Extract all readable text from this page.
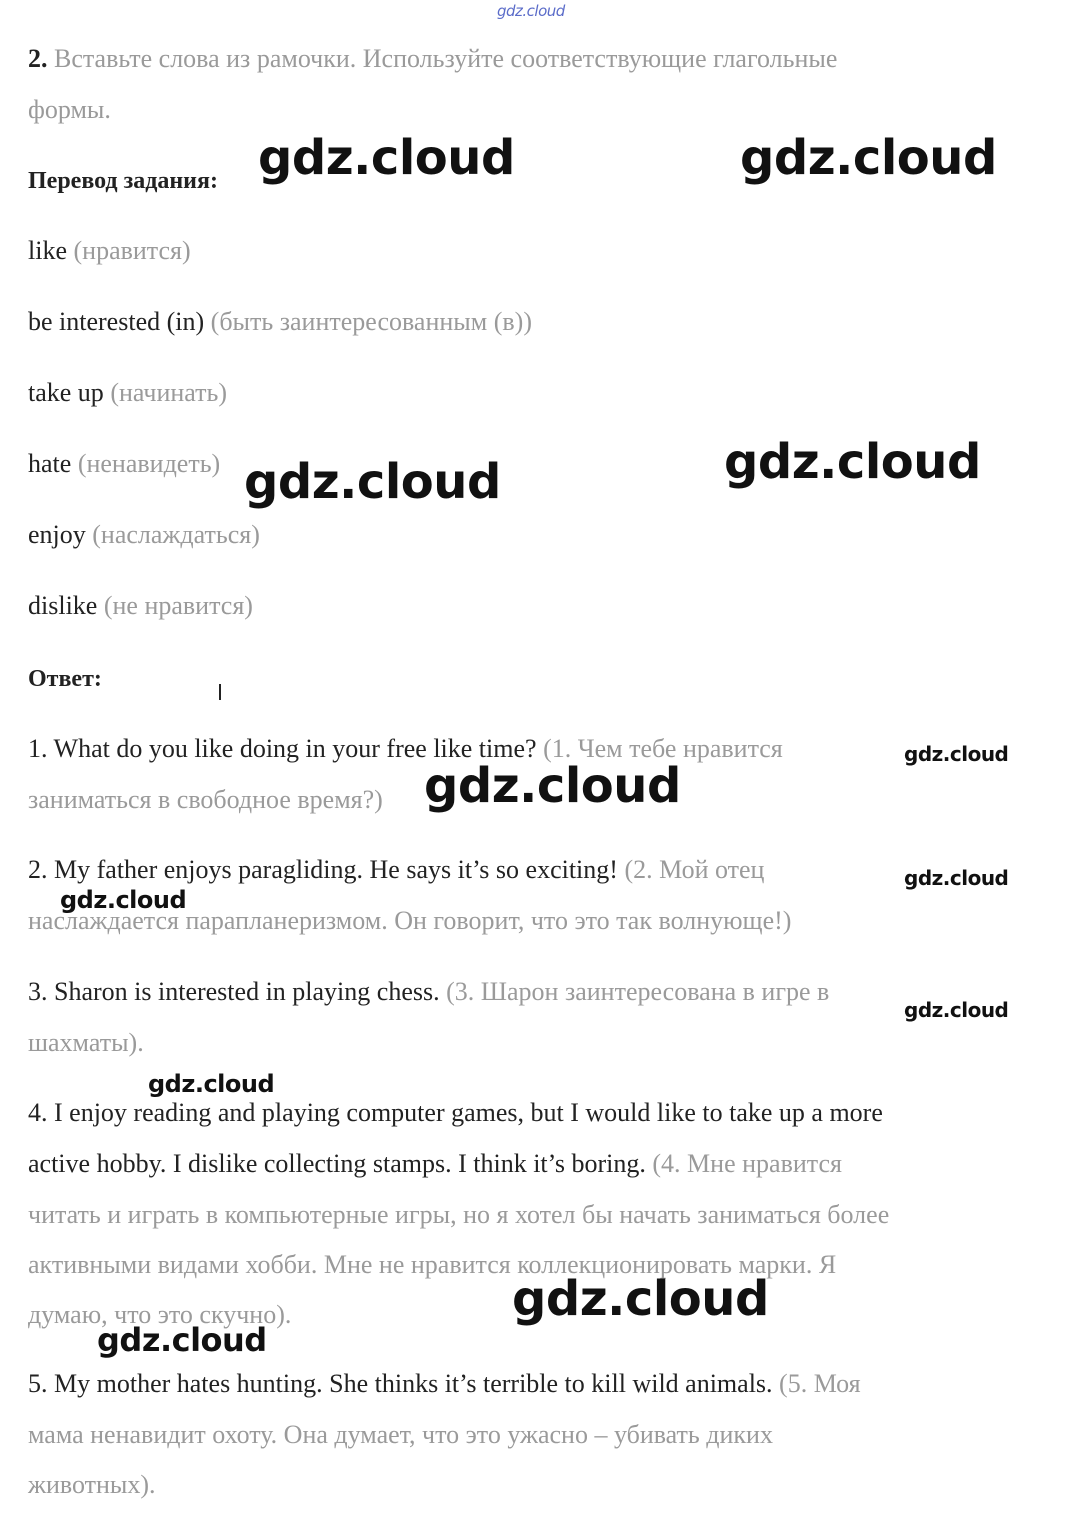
gdz.cloud
2. Вставьте слова из рамочки. Используйте соответствующие глагольные
формы.
Перевод задания:
like (нравится)
be interested (in) (быть заинтересованным (в))
take up (начинать)
hate (ненавидеть)
enjoy (наслаждаться)
dislike (не нравится)
Ответ:
1. What do you like doing in your free like time? (1. Чем тебе нравится
заниматься в свободное время?)
2. My father enjoys paragliding. He says it’s so exciting! (2. Мой отец
наслаждается парапланеризмом. Он говорит, что это так волнующе!)
3. Sharon is interested in playing chess. (3. Шарон заинтересована в игре в
шахматы).
4. I enjoy reading and playing computer games, but I would like to take up a more
active hobby. I dislike collecting stamps. I think it’s boring. (4. Мне нравится
читать и играть в компьютерные игры, но я хотел бы начать заниматься более
активными видами хобби. Мне не нравится коллекционировать марки. Я
думаю, что это скучно).
5. My mother hates hunting. She thinks it’s terrible to kill wild animals. (5. Моя
мама ненавидит охоту. Она думает, что это ужасно – убивать диких
животных).
gdz.cloud	gdz.cloud
gdz.cloud
gdz.cloud
gdz.cloud
gdz.cloud
gdz.cloud
gdz.cloud
gdz.cloud
gdz.cloud
gdz.cloud
gdz.cloud
